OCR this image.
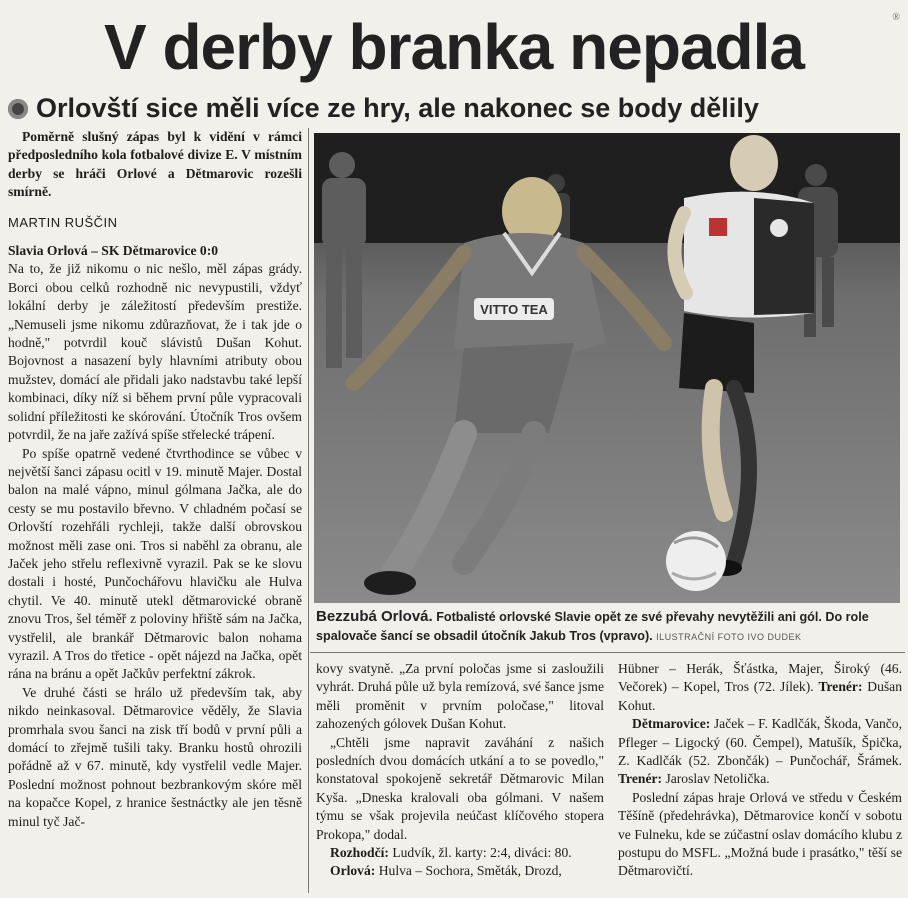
V derby branka nepadla	®
Orlovští sice měli více ze hry, ale nakonec se body dělily

Poměrně slušný zápas byl k vidění v rámci předposledního kola fotbalové divize E. V místním derby se hráči Orlové a Dětmarovic rozešli smírně.

MARTIN RUŠČIN

Slavia Orlová – SK Dětmarovice 0:0

Na to, že již nikomu o nic nešlo, měl zápas grády. Borci obou celků rozhodně nic nevypustili, vždyť lokální derby je záležitostí především prestiže. „Nemuseli jsme nikomu zdůrazňovat, že i tak jde o hodně," potvrdil kouč slávistů Dušan Kohut. Bojovnost a nasazení byly hlavními atributy obou mužstev, domácí ale přidali jako nadstavbu také lepší kombinaci, díky níž si během první půle vypracovali solidní příležitosti ke skórování. Útočník Tros ovšem potvrdil, že na jaře zažívá spíše střelecké trápení.

Po spíše opatrně vedené čtvrthodince se vůbec v největší šanci zápasu ocitl v 19. minutě Majer. Dostal balon na malé vápno, minul gólmana Jačka, ale do cesty se mu postavilo břevno. V chladném počasí se Orlovští rozehřáli rychleji, takže další obrovskou možnost měli zase oni. Tros si naběhl za obranu, ale Jaček jeho střelu reflexivně vyrazil. Pak se ke slovu dostali i hosté, Punčochářovu hlavičku ale Hulva chytil. Ve 40. minutě utekl dětmarovické obraně znovu Tros, šel téměř z poloviny hřiště sám na Jačka, vystřelil, ale brankář Dětmarovic balon nohama vyrazil. A Tros do třetice - opět nájezd na Jačka, opět rána na bránu a opět Jačkův perfektní zákrok.

Ve druhé části se hrálo už především tak, aby nikdo neinkasoval. Dětmarovice věděly, že Slavia promrhala svou šanci na zisk tří bodů v první půli a domácí to zřejmě tušili taky. Branku hostů ohrozili pořádně až v 67. minutě, kdy vystřelil vedle Majer. Poslední možnost pohnout bezbrankovým skóre měl na kopačce Kopel, z hranice šestnáctky ale jen těsně minul tyč Jač-

VITTO TEA
Bezzubá Orlová. Fotbalisté orlovské Slavie opět ze své převahy nevytěžili ani gól. Do role spalovače šancí se obsadil útočník Jakub Tros (vpravo). ILUSTRAČNÍ FOTO IVO DUDEK

kovy svatyně. „Za první poločas jsme si zasloužili vyhrát. Druhá půle už byla remízová, své šance jsme měli proměnit v prvním poločase," litoval zahozených gólovek Dušan Kohut.

„Chtěli jsme napravit zaváhání z našich posledních dvou domácích utkání a to se povedlo," konstatoval spokojeně sekretář Dětmarovic Milan Kyša. „Dneska kralovali oba gólmani. V našem týmu se však projevila neúčast klíčového stopera Prokopa," dodal.

Rozhodčí: Ludvík, žl. karty: 2:4, diváci: 80.

Orlová: Hulva – Sochora, Směták, Drozd,

Hübner – Herák, Šťástka, Majer, Široký (46. Večorek) – Kopel, Tros (72. Jílek). Trenér: Dušan Kohut.

Dětmarovice: Jaček – F. Kadlčák, Škoda, Vančo, Pfleger – Ligocký (60. Čempel), Matušík, Špička, Z. Kadlčák (52. Zbončák) – Punčochář, Šrámek. Trenér: Jaroslav Netolička.

Poslední zápas hraje Orlová ve středu v Českém Těšíně (předehrávka), Dětmarovice končí v sobotu ve Fulneku, kde se zúčastní oslav domácího klubu z postupu do MSFL. „Možná bude i prasátko," těší se Dětmarovičtí.
